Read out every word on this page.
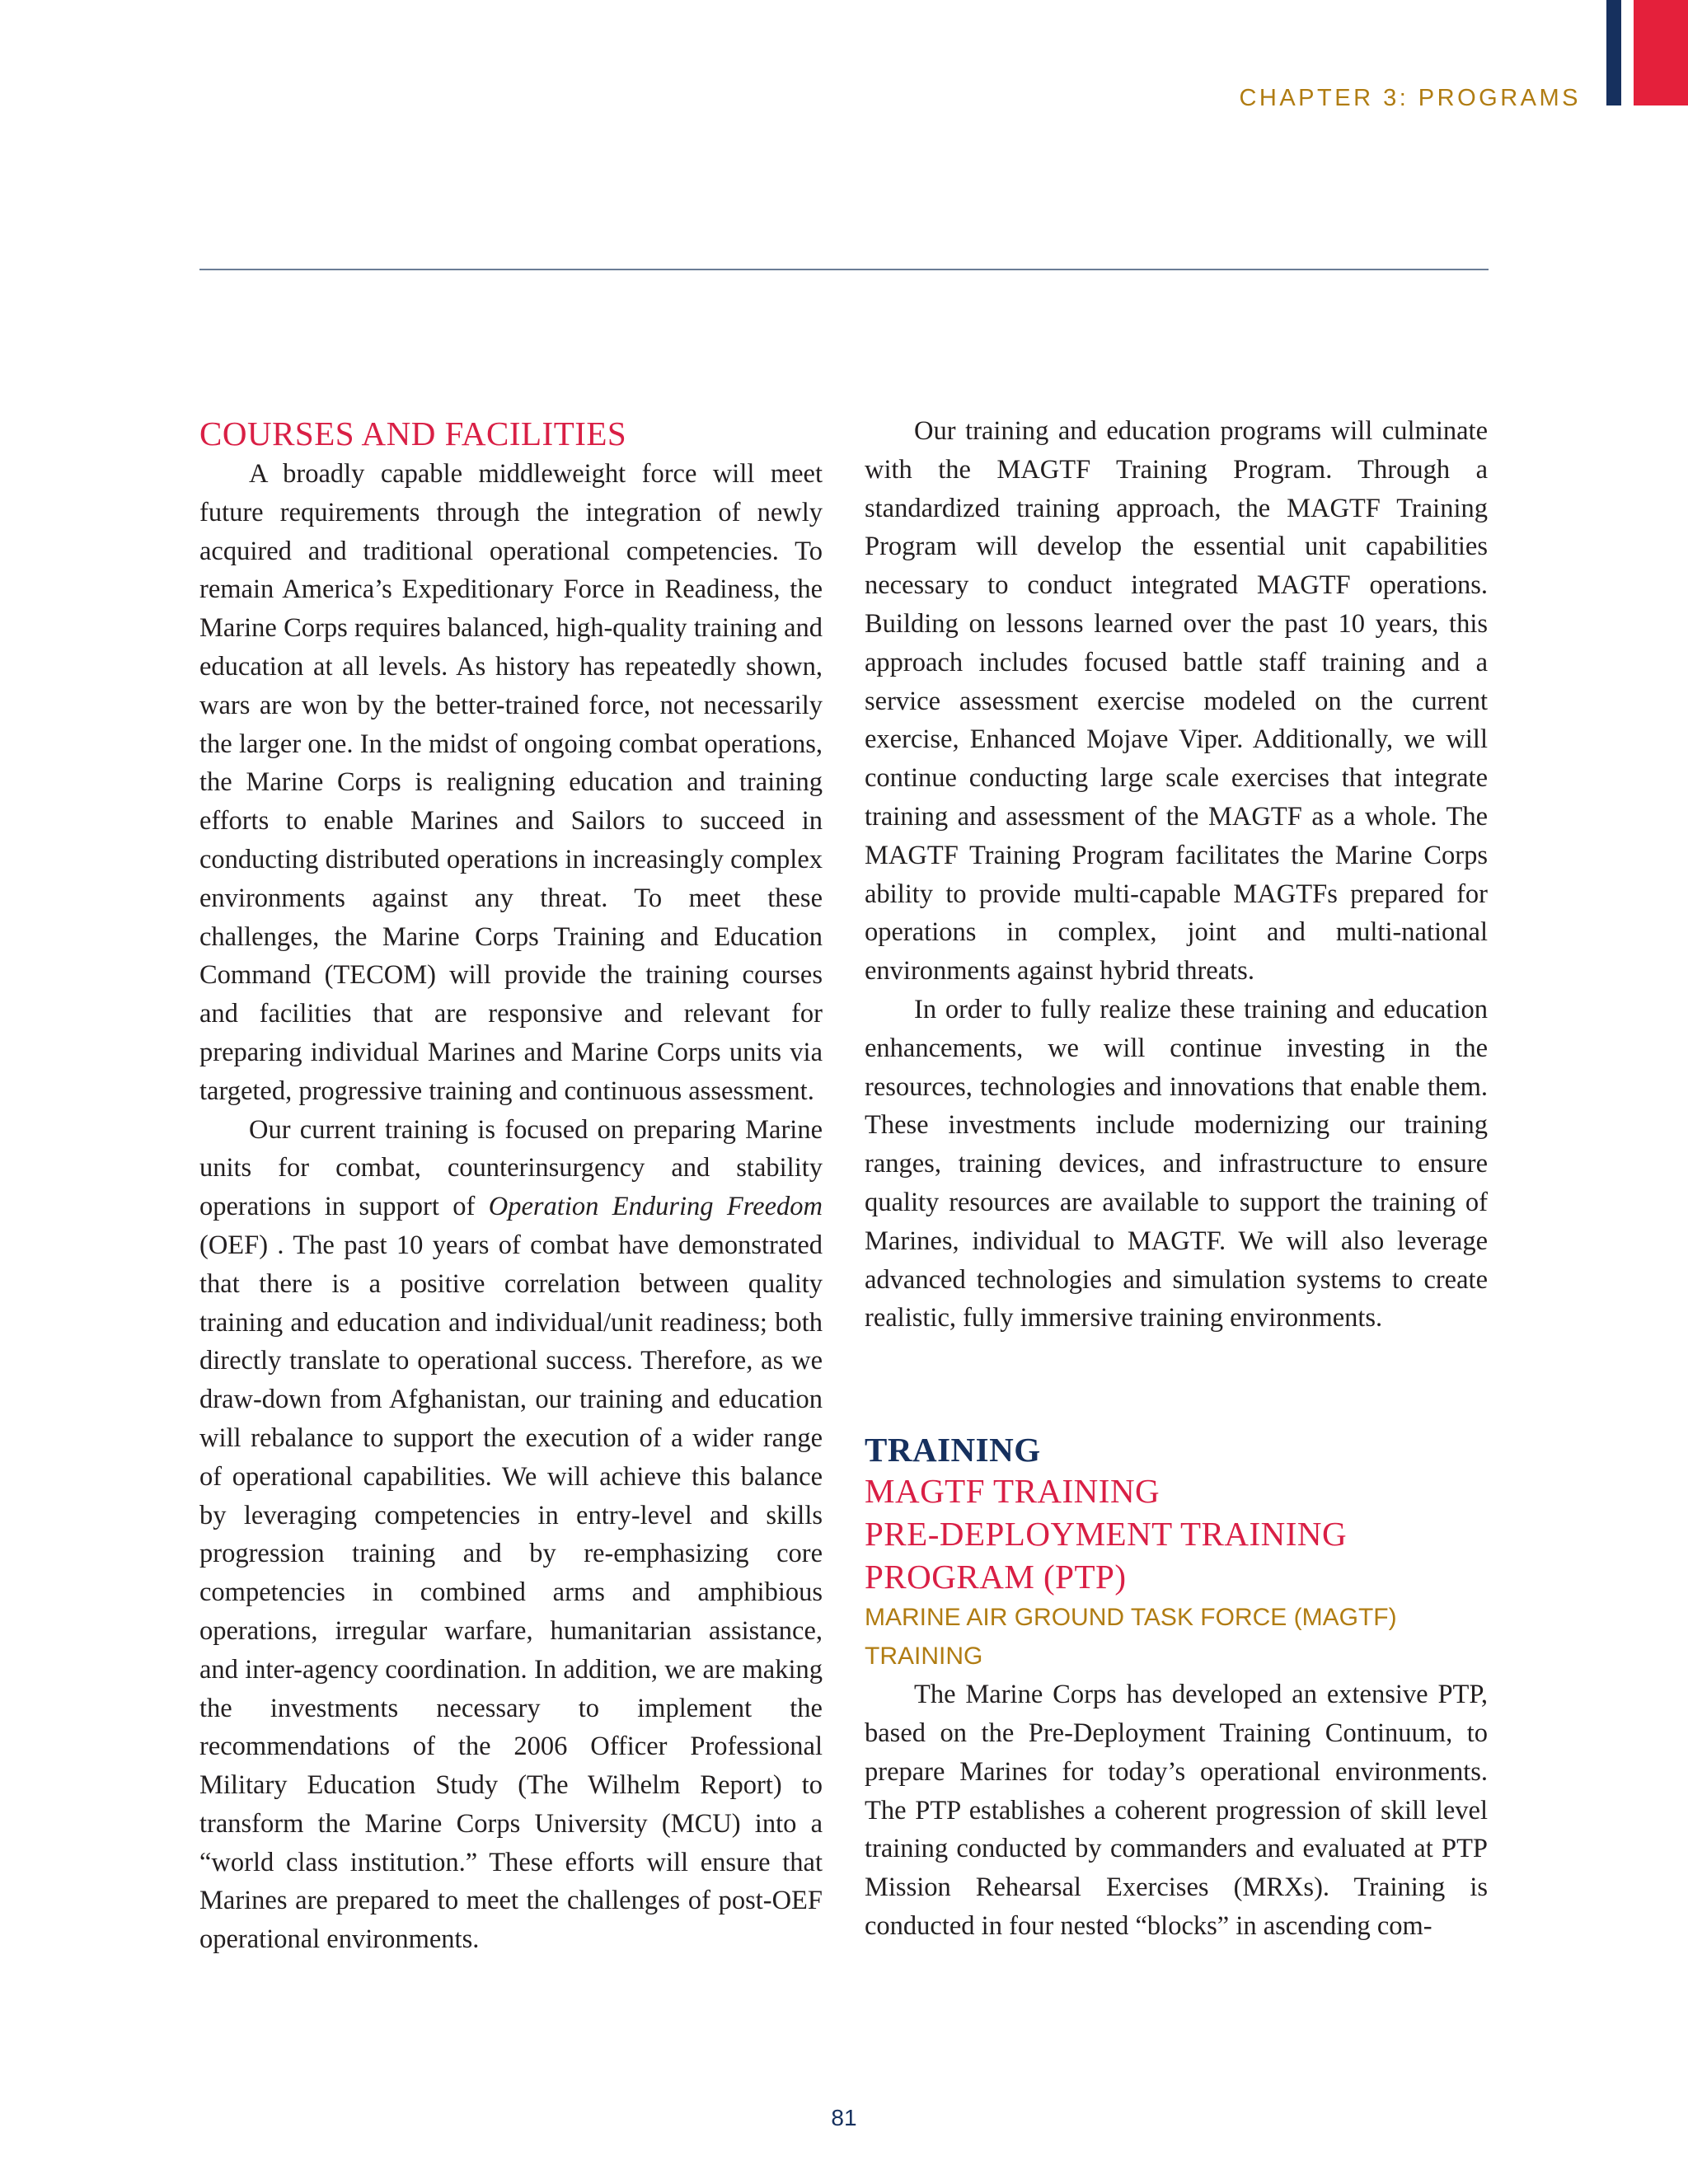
CHAPTER 3: PROGRAMS

COURSES AND FACILITIES

A broadly capable middleweight force will meet future requirements through the integration of newly acquired and traditional operational competencies. To remain America’s Expeditionary Force in Readiness, the Marine Corps requires balanced, high-quality training and education at all levels. As history has repeatedly shown, wars are won by the better-trained force, not necessarily the larger one. In the midst of ongoing combat operations, the Marine Corps is realigning education and training efforts to enable Marines and Sailors to succeed in conducting distributed operations in increasingly complex environments against any threat. To meet these challenges, the Marine Corps Training and Education Command (TECOM) will provide the training courses and facilities that are responsive and relevant for preparing individual Marines and Marine Corps units via targeted, progressive training and continuous assessment.

Our current training is focused on preparing Marine units for combat, counterinsurgency and stability operations in support of Operation Enduring Freedom (OEF) . The past 10 years of combat have demonstrated that there is a positive correlation between quality training and education and individual/unit readiness; both directly translate to operational success. Therefore, as we draw-down from Afghanistan, our training and education will rebalance to support the execution of a wider range of operational capabilities. We will achieve this balance by leveraging competencies in entry-level and skills progression training and by re-emphasizing core competencies in combined arms and amphibious operations, irregular warfare, humanitarian assistance, and inter-agency coordination. In addition, we are making the investments necessary to implement the recommendations of the 2006 Officer Professional Military Education Study (The Wilhelm Report) to transform the Marine Corps University (MCU) into a “world class institution.” These efforts will ensure that Marines are prepared to meet the challenges of post-OEF operational environments.

Our training and education programs will culminate with the MAGTF Training Program. Through a standardized training approach, the MAGTF Training Program will develop the essential unit capabilities necessary to conduct integrated MAGTF operations. Building on lessons learned over the past 10 years, this approach includes focused battle staff training and a service assessment exercise modeled on the current exercise, Enhanced Mojave Viper. Additionally, we will continue conducting large scale exercises that integrate training and assessment of the MAGTF as a whole. The MAGTF Training Program facilitates the Marine Corps ability to provide multi-capable MAGTFs prepared for operations in complex, joint and multi-national environments against hybrid threats.

In order to fully realize these training and education enhancements, we will continue investing in the resources, technologies and innovations that enable them. These investments include modernizing our training ranges, training devices, and infrastructure to ensure quality resources are available to support the training of Marines, individual to MAGTF. We will also leverage advanced technologies and simulation systems to create realistic, fully immersive training environments.

TRAINING
MAGTF TRAINING
PRE-DEPLOYMENT TRAINING
PROGRAM (PTP)
MARINE AIR GROUND TASK FORCE (MAGTF)
TRAINING

The Marine Corps has developed an extensive PTP, based on the Pre-Deployment Training Continuum, to prepare Marines for today’s operational environments. The PTP establishes a coherent progression of skill level training conducted by commanders and evaluated at PTP Mission Rehearsal Exercises (MRXs). Training is conducted in four nested “blocks” in ascending com-

81
